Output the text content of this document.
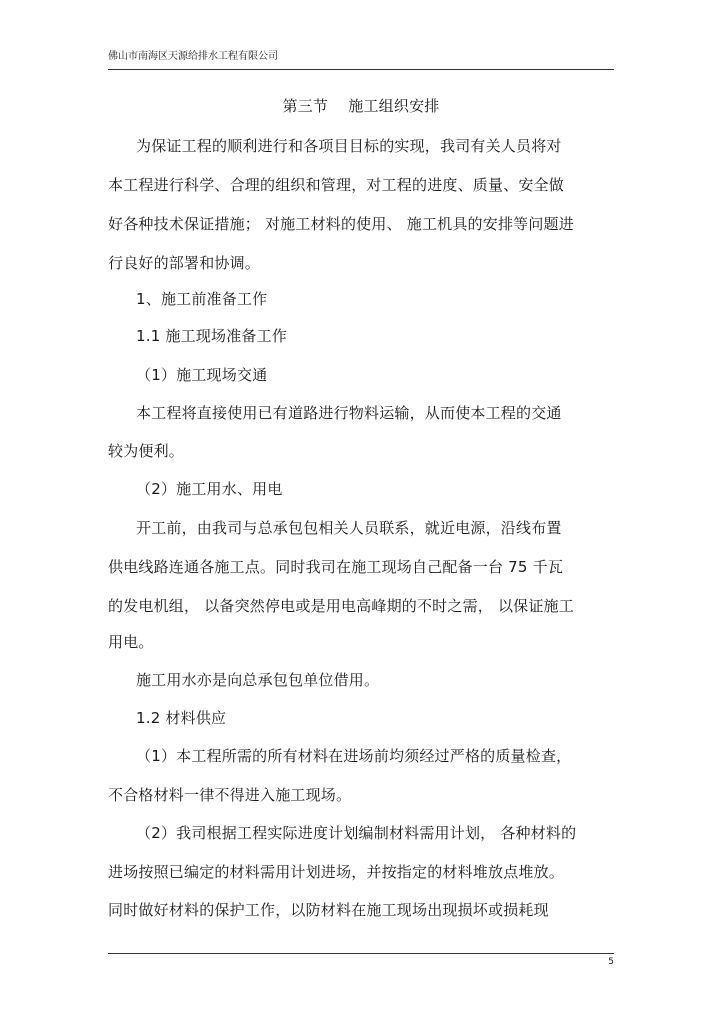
佛山市南海区天源给排水工程有限公司
第三节　 施工组织安排
为保证工程的顺利进行和各项目目标的实现，我司有关人员将对
本工程进行科学、合理的组织和管理，对工程的进度、质量、安全做
好各种技术保证措施； 对施工材料的使用、 施工机具的安排等问题进
行良好的部署和协调。
1、施工前准备工作
1.1 施工现场准备工作
（1）施工现场交通
本工程将直接使用已有道路进行物料运输，从而使本工程的交通
较为便利。
（2）施工用水、用电
开工前，由我司与总承包包相关人员联系，就近电源，沿线布置
供电线路连通各施工点。同时我司在施工现场自己配备一台 75 千瓦
的发电机组， 以备突然停电或是用电高峰期的不时之需， 以保证施工
用电。
施工用水亦是向总承包包单位借用。
1.2 材料供应
（1）本工程所需的所有材料在进场前均须经过严格的质量检查，
不合格材料一律不得进入施工现场。
（2）我司根据工程实际进度计划编制材料需用计划， 各种材料的
进场按照已编定的材料需用计划进场，并按指定的材料堆放点堆放。
同时做好材料的保护工作，以防材料在施工现场出现损坏或损耗现
5
